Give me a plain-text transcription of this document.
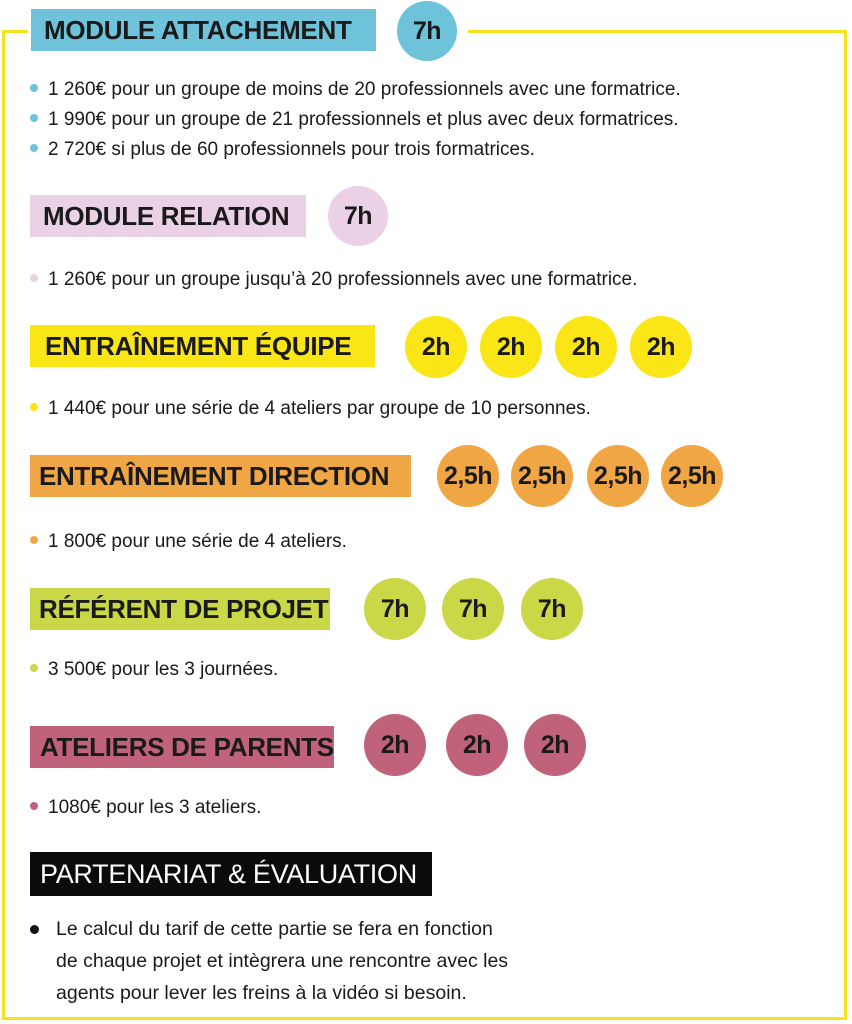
MODULE ATTACHEMENT	7h
1 260€ pour un groupe de moins de 20 professionnels avec une formatrice.
1 990€ pour un groupe de 21 professionnels et plus avec deux formatrices.
2 720€ si plus de 60 professionnels pour trois formatrices.
MODULE RELATION	7h
1 260€ pour un groupe jusqu’à 20 professionnels avec une formatrice.
ENTRAÎNEMENT ÉQUIPE	2h	2h	2h	2h
1 440€ pour une série de 4 ateliers par groupe de 10 personnes.
ENTRAÎNEMENT DIRECTION	2,5h 2,5h 2,5h 2,5h
1 800€ pour une série de 4 ateliers.
RÉFÉRENT DE PROJET	7h	7h	7h
3 500€ pour les 3 journées.
ATELIERS DE PARENTS	2h	2h	2h
1080€ pour les 3 ateliers.
PARTENARIAT & ÉVALUATION
Le calcul du tarif de cette partie se fera en fonction
de chaque projet et intègrera une rencontre avec les
agents pour lever les freins à la vidéo si besoin.
